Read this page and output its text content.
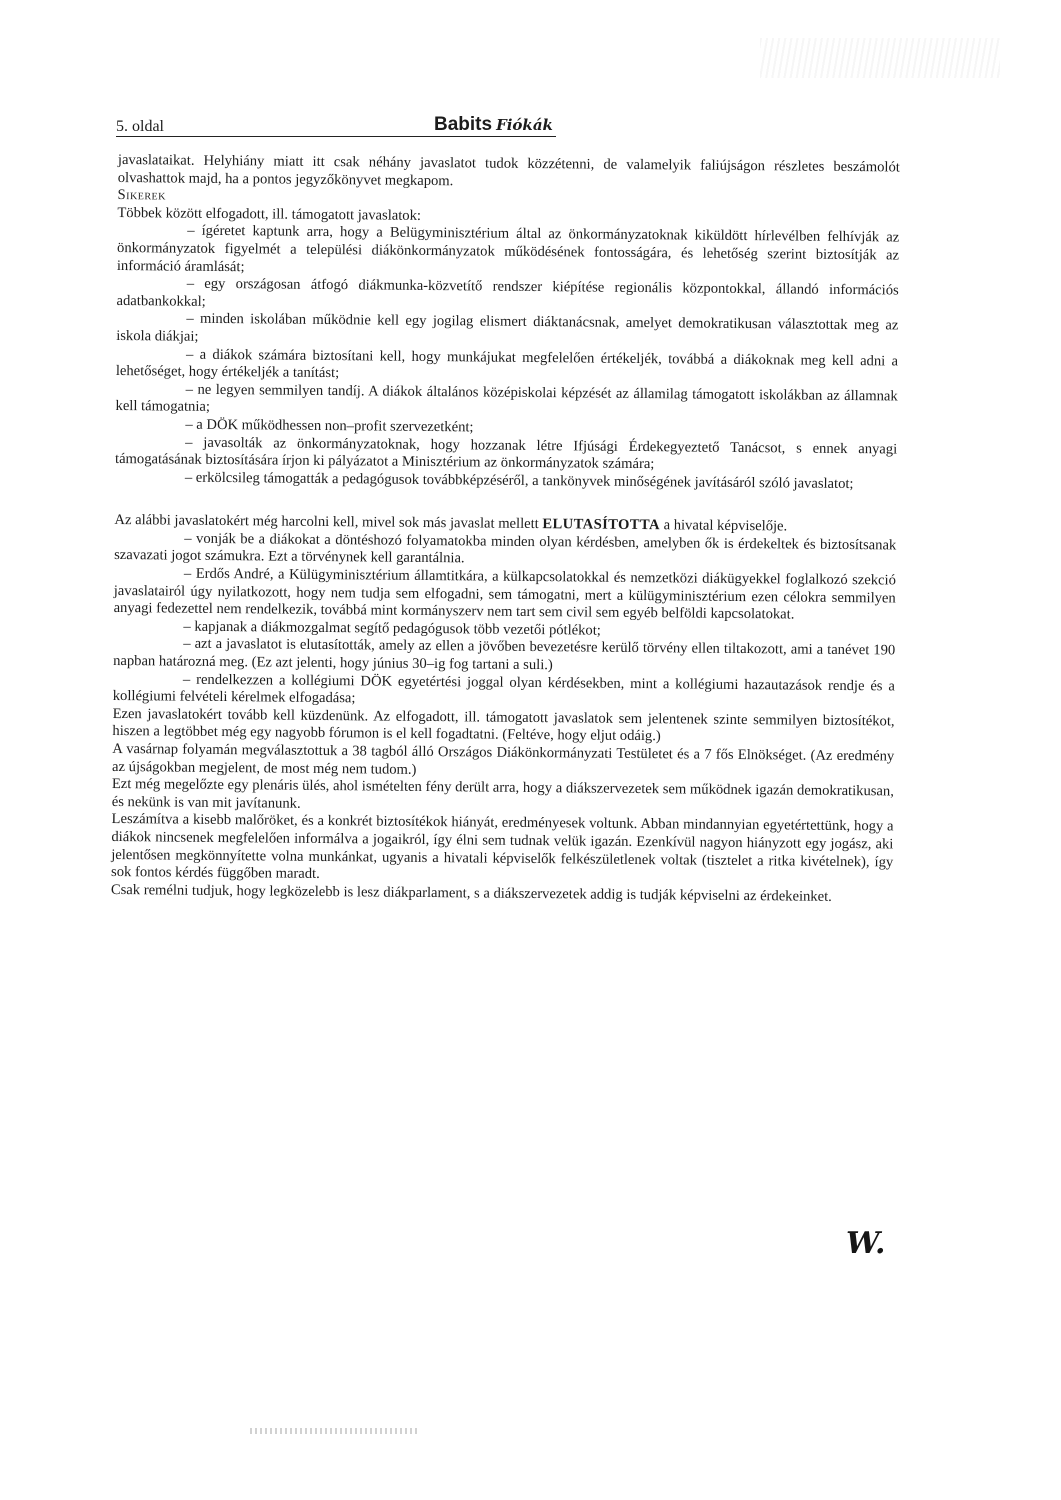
5. oldal	Babits Fiókák

javaslataikat. Helyhiány miatt itt csak néhány javaslatot tudok közzétenni, de valamelyik faliújságon részletes beszámolót olvashattok majd, ha a pontos jegyzőkönyvet megkapom.

Sikerek

Többek között elfogadott, ill. támogatott javaslatok:

– ígéretet kaptunk arra, hogy a Belügyminisztérium által az önkormányzatoknak kiküldött hírlevélben felhívják az önkormányzatok figyelmét a települési diákönkormányzatok működésének fontosságára, és lehetőség szerint biztosítják az információ áramlását;

– egy országosan átfogó diákmunka-közvetítő rendszer kiépítése regionális központokkal, állandó információs adatbankokkal;

– minden iskolában működnie kell egy jogilag elismert diáktanácsnak, amelyet demokratikusan választottak meg az iskola diákjai;

– a diákok számára biztosítani kell, hogy munkájukat megfelelően értékeljék, továbbá a diákoknak meg kell adni a lehetőséget, hogy értékeljék a tanítást;

– ne legyen semmilyen tandíj. A diákok általános középiskolai képzését az államilag támogatott iskolákban az államnak kell támogatnia;

– a DÖK működhessen non–profit szervezetként;

– javasolták az önkormányzatoknak, hogy hozzanak létre Ifjúsági Érdekegyeztető Tanácsot, s ennek anyagi támogatásának biztosítására írjon ki pályázatot a Minisztérium az önkormányzatok számára;

– erkölcsileg támogatták a pedagógusok továbbképzéséről, a tankönyvek minőségének javításáról szóló javaslatot;

Az alábbi javaslatokért még harcolni kell, mivel sok más javaslat mellett ELUTASÍTOTTA a hivatal képviselője.

– vonják be a diákokat a döntéshozó folyamatokba minden olyan kérdésben, amelyben ők is érdekeltek és biztosítsanak szavazati jogot számukra. Ezt a törvénynek kell garantálnia.

– Erdős André, a Külügyminisztérium államtitkára, a külkapcsolatokkal és nemzetközi diákügyekkel foglalkozó szekció javaslatairól úgy nyilatkozott, hogy nem tudja sem elfogadni, sem támogatni, mert a külügyminisztérium ezen célokra semmilyen anyagi fedezettel nem rendelkezik, továbbá mint kormányszerv nem tart sem civil sem egyéb belföldi kapcsolatokat.

– kapjanak a diákmozgalmat segítő pedagógusok több vezetői pótlékot;

– azt a javaslatot is elutasították, amely az ellen a jövőben bevezetésre kerülő törvény ellen tiltakozott, ami a tanévet 190 napban határozná meg. (Ez azt jelenti, hogy június 30–ig fog tartani a suli.)

– rendelkezzen a kollégiumi DÖK egyetértési joggal olyan kérdésekben, mint a kollégiumi hazautazások rendje és a kollégiumi felvételi kérelmek elfogadása;

Ezen javaslatokért tovább kell küzdenünk. Az elfogadott, ill. támogatott javaslatok sem jelentenek szinte semmilyen biztosítékot, hiszen a legtöbbet még egy nagyobb fórumon is el kell fogadtatni. (Feltéve, hogy eljut odáig.)

A vasárnap folyamán megválasztottuk a 38 tagból álló Országos Diákönkormányzati Testületet és a 7 fős Elnökséget. (Az eredmény az újságokban megjelent, de most még nem tudom.)

Ezt még megelőzte egy plenáris ülés, ahol ismételten fény derült arra, hogy a diákszervezetek sem működnek igazán demokratikusan, és nekünk is van mit javítanunk.

Leszámítva a kisebb malőröket, és a konkrét biztosítékok hiányát, eredményesek voltunk. Abban mindannyian egyetértettünk, hogy a diákok nincsenek megfelelően informálva a jogaikról, így élni sem tudnak velük igazán. Ezenkívül nagyon hiányzott egy jogász, aki jelentősen megkönnyítette volna munkánkat, ugyanis a hivatali képviselők felkészületlenek voltak (tisztelet a ritka kivételnek), így sok fontos kérdés függőben maradt.

Csak remélni tudjuk, hogy legközelebb is lesz diákparlament, s a diákszervezetek addig is tudják képviselni az érdekeinket.

W.
